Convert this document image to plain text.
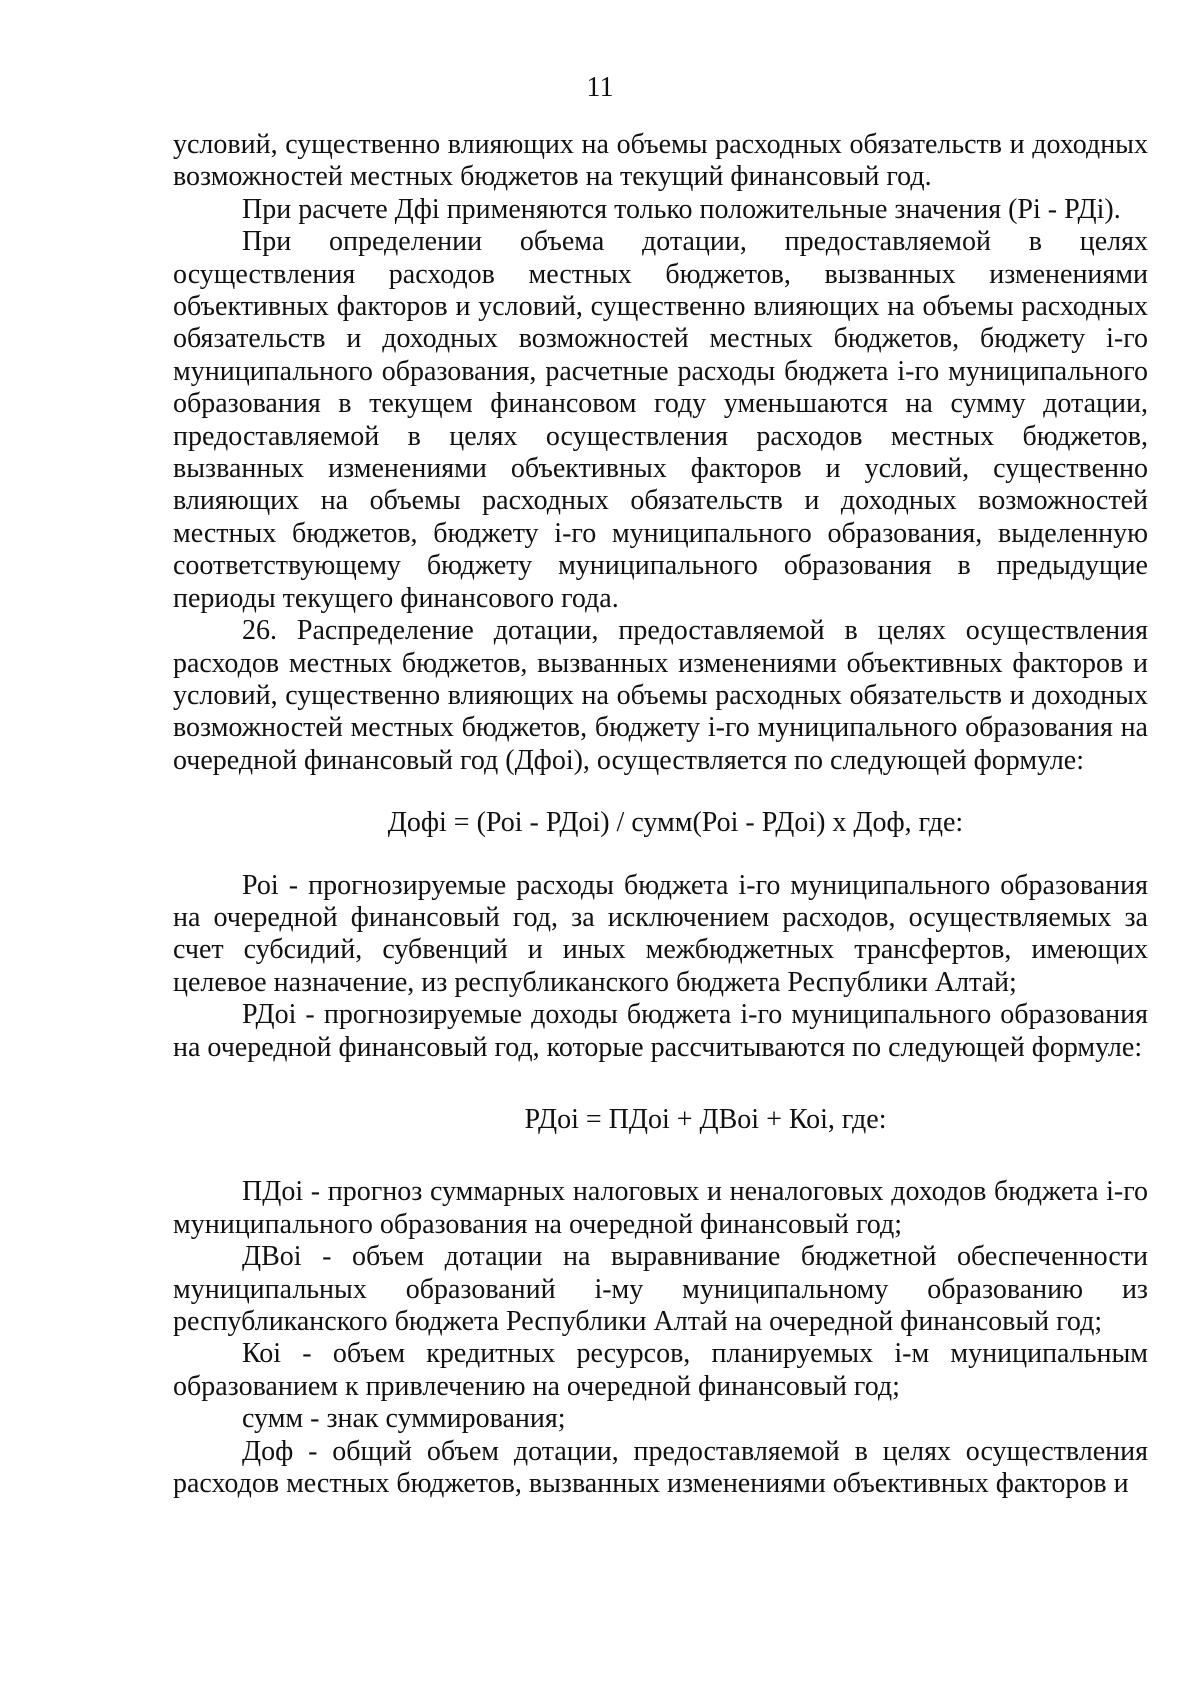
11

условий, существенно влияющих на объемы расходных обязательств и доходных возможностей местных бюджетов на текущий финансовый год.

При расчете Дфi применяются только положительные значения (Рi - РДi).

При определении объема дотации, предоставляемой в целях осуществления расходов местных бюджетов, вызванных изменениями объективных факторов и условий, существенно влияющих на объемы расходных обязательств и доходных возможностей местных бюджетов, бюджету i-го муниципального образования, расчетные расходы бюджета i-го муниципального образования в текущем финансовом году уменьшаются на сумму дотации, предоставляемой в целях осуществления расходов местных бюджетов, вызванных изменениями объективных факторов и условий, существенно влияющих на объемы расходных обязательств и доходных возможностей местных бюджетов, бюджету i-го муниципального образования, выделенную соответствующему бюджету муниципального образования в предыдущие периоды текущего финансового года.

26. Распределение дотации, предоставляемой в целях осуществления расходов местных бюджетов, вызванных изменениями объективных факторов и условий, существенно влияющих на объемы расходных обязательств и доходных возможностей местных бюджетов, бюджету i-го муниципального образования на очередной финансовый год (Дфоi), осуществляется по следующей формуле:

Дофi = (Роi - РДоi) / сумм(Роi - РДоi) x Доф, где:

Роi - прогнозируемые расходы бюджета i-го муниципального образования на очередной финансовый год, за исключением расходов, осуществляемых за счет субсидий, субвенций и иных межбюджетных трансфертов, имеющих целевое назначение, из республиканского бюджета Республики Алтай;

РДоi - прогнозируемые доходы бюджета i-го муниципального образования на очередной финансовый год, которые рассчитываются по следующей формуле:

РДоi = ПДоi + ДВоi + Коi, где:

ПДоi - прогноз суммарных налоговых и неналоговых доходов бюджета i-го муниципального образования на очередной финансовый год;

ДВоi - объем дотации на выравнивание бюджетной обеспеченности муниципальных образований i-му муниципальному образованию из республиканского бюджета Республики Алтай на очередной финансовый год;

Коi - объем кредитных ресурсов, планируемых i-м муниципальным образованием к привлечению на очередной финансовый год;

сумм - знак суммирования;

Доф - общий объем дотации, предоставляемой в целях осуществления расходов местных бюджетов, вызванных изменениями объективных факторов и
